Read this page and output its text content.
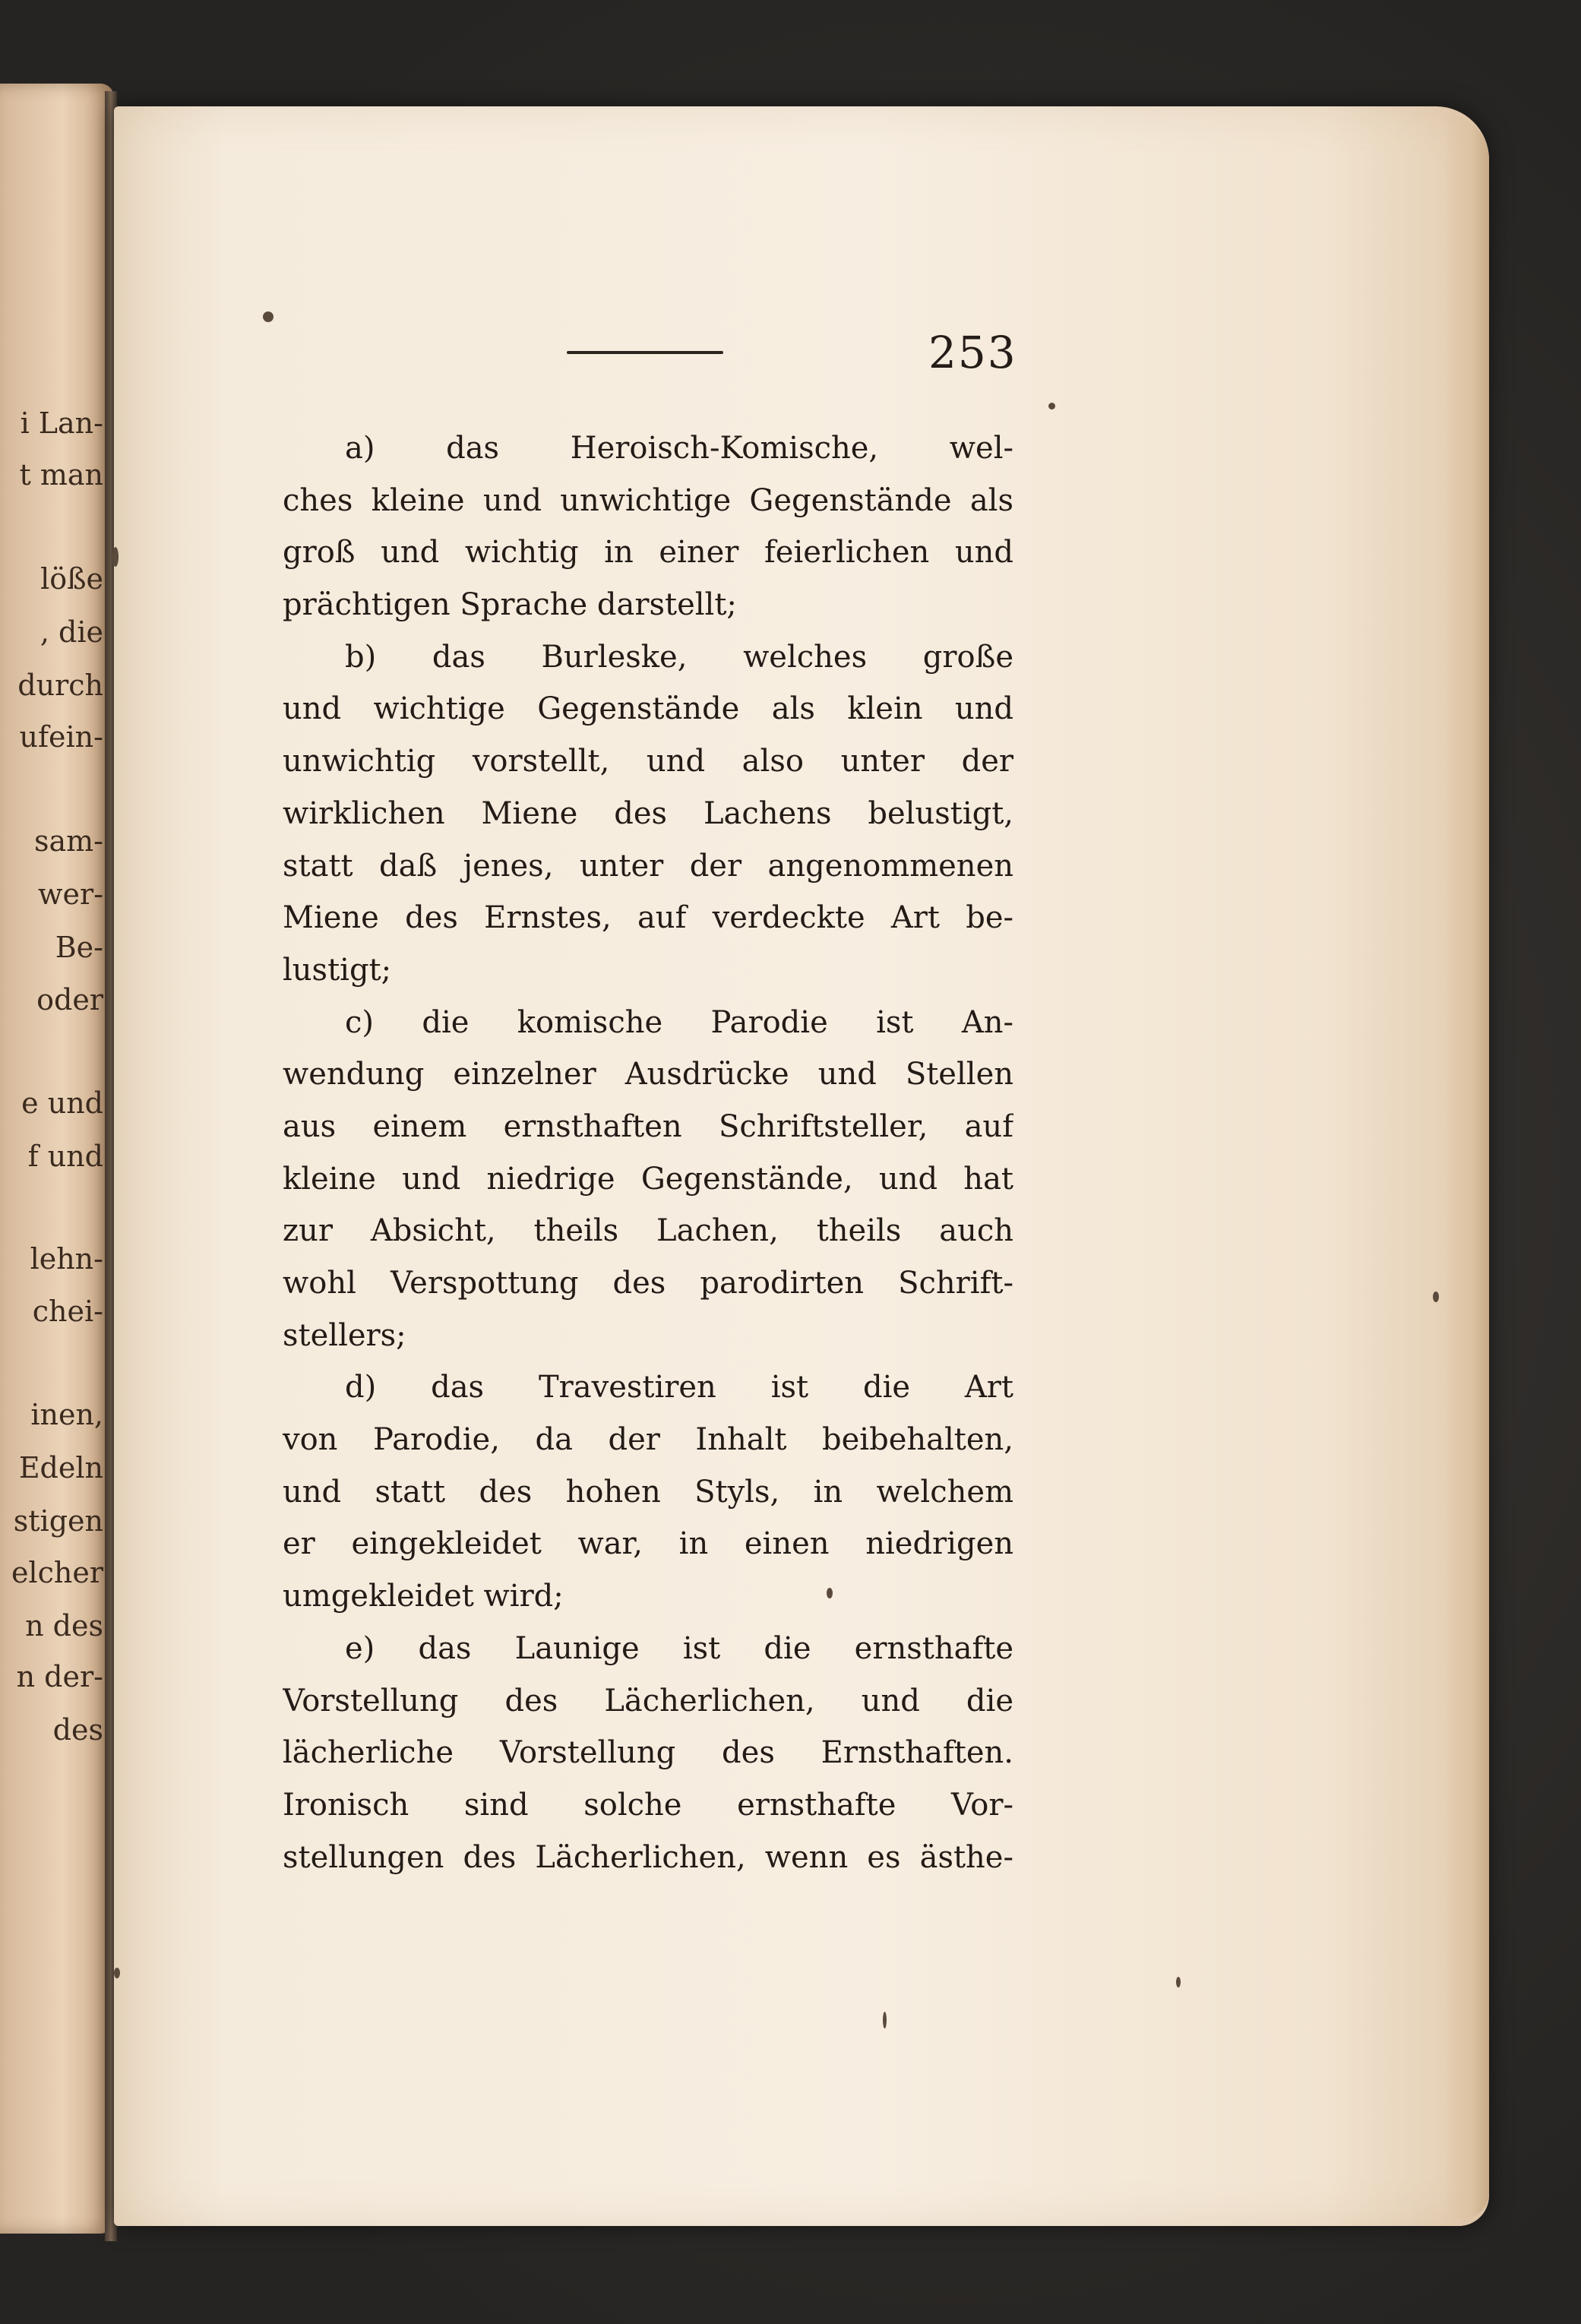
i Lan-
t man
löße
, die
durch
ufein-
sam-
wer-
Be-
oder
e und
f und
lehn-
chei-
inen,
Edeln
stigen
elcher
n des
n der-
des
253
a) das Heroisch-Komische, wel-
ches kleine und unwichtige Gegenstände als
groß und wichtig in einer feierlichen und
prächtigen Sprache darstellt;
b) das Burleske, welches große
und wichtige Gegenstände als klein und
unwichtig vorstellt, und also unter der
wirklichen Miene des Lachens belustigt,
statt daß jenes, unter der angenommenen
Miene des Ernstes, auf verdeckte Art be-
lustigt;
c) die komische Parodie ist An-
wendung einzelner Ausdrücke und Stellen
aus einem ernsthaften Schriftsteller, auf
kleine und niedrige Gegenstände, und hat
zur Absicht, theils Lachen, theils auch
wohl Verspottung des parodirten Schrift-
stellers;
d) das Travestiren ist die Art
von Parodie, da der Inhalt beibehalten,
und statt des hohen Styls, in welchem
er eingekleidet war, in einen niedrigen
umgekleidet wird;
e) das Launige ist die ernsthafte
Vorstellung des Lächerlichen, und die
lächerliche Vorstellung des Ernsthaften.
Ironisch sind solche ernsthafte Vor-
stellungen des Lächerlichen, wenn es ästhe-
